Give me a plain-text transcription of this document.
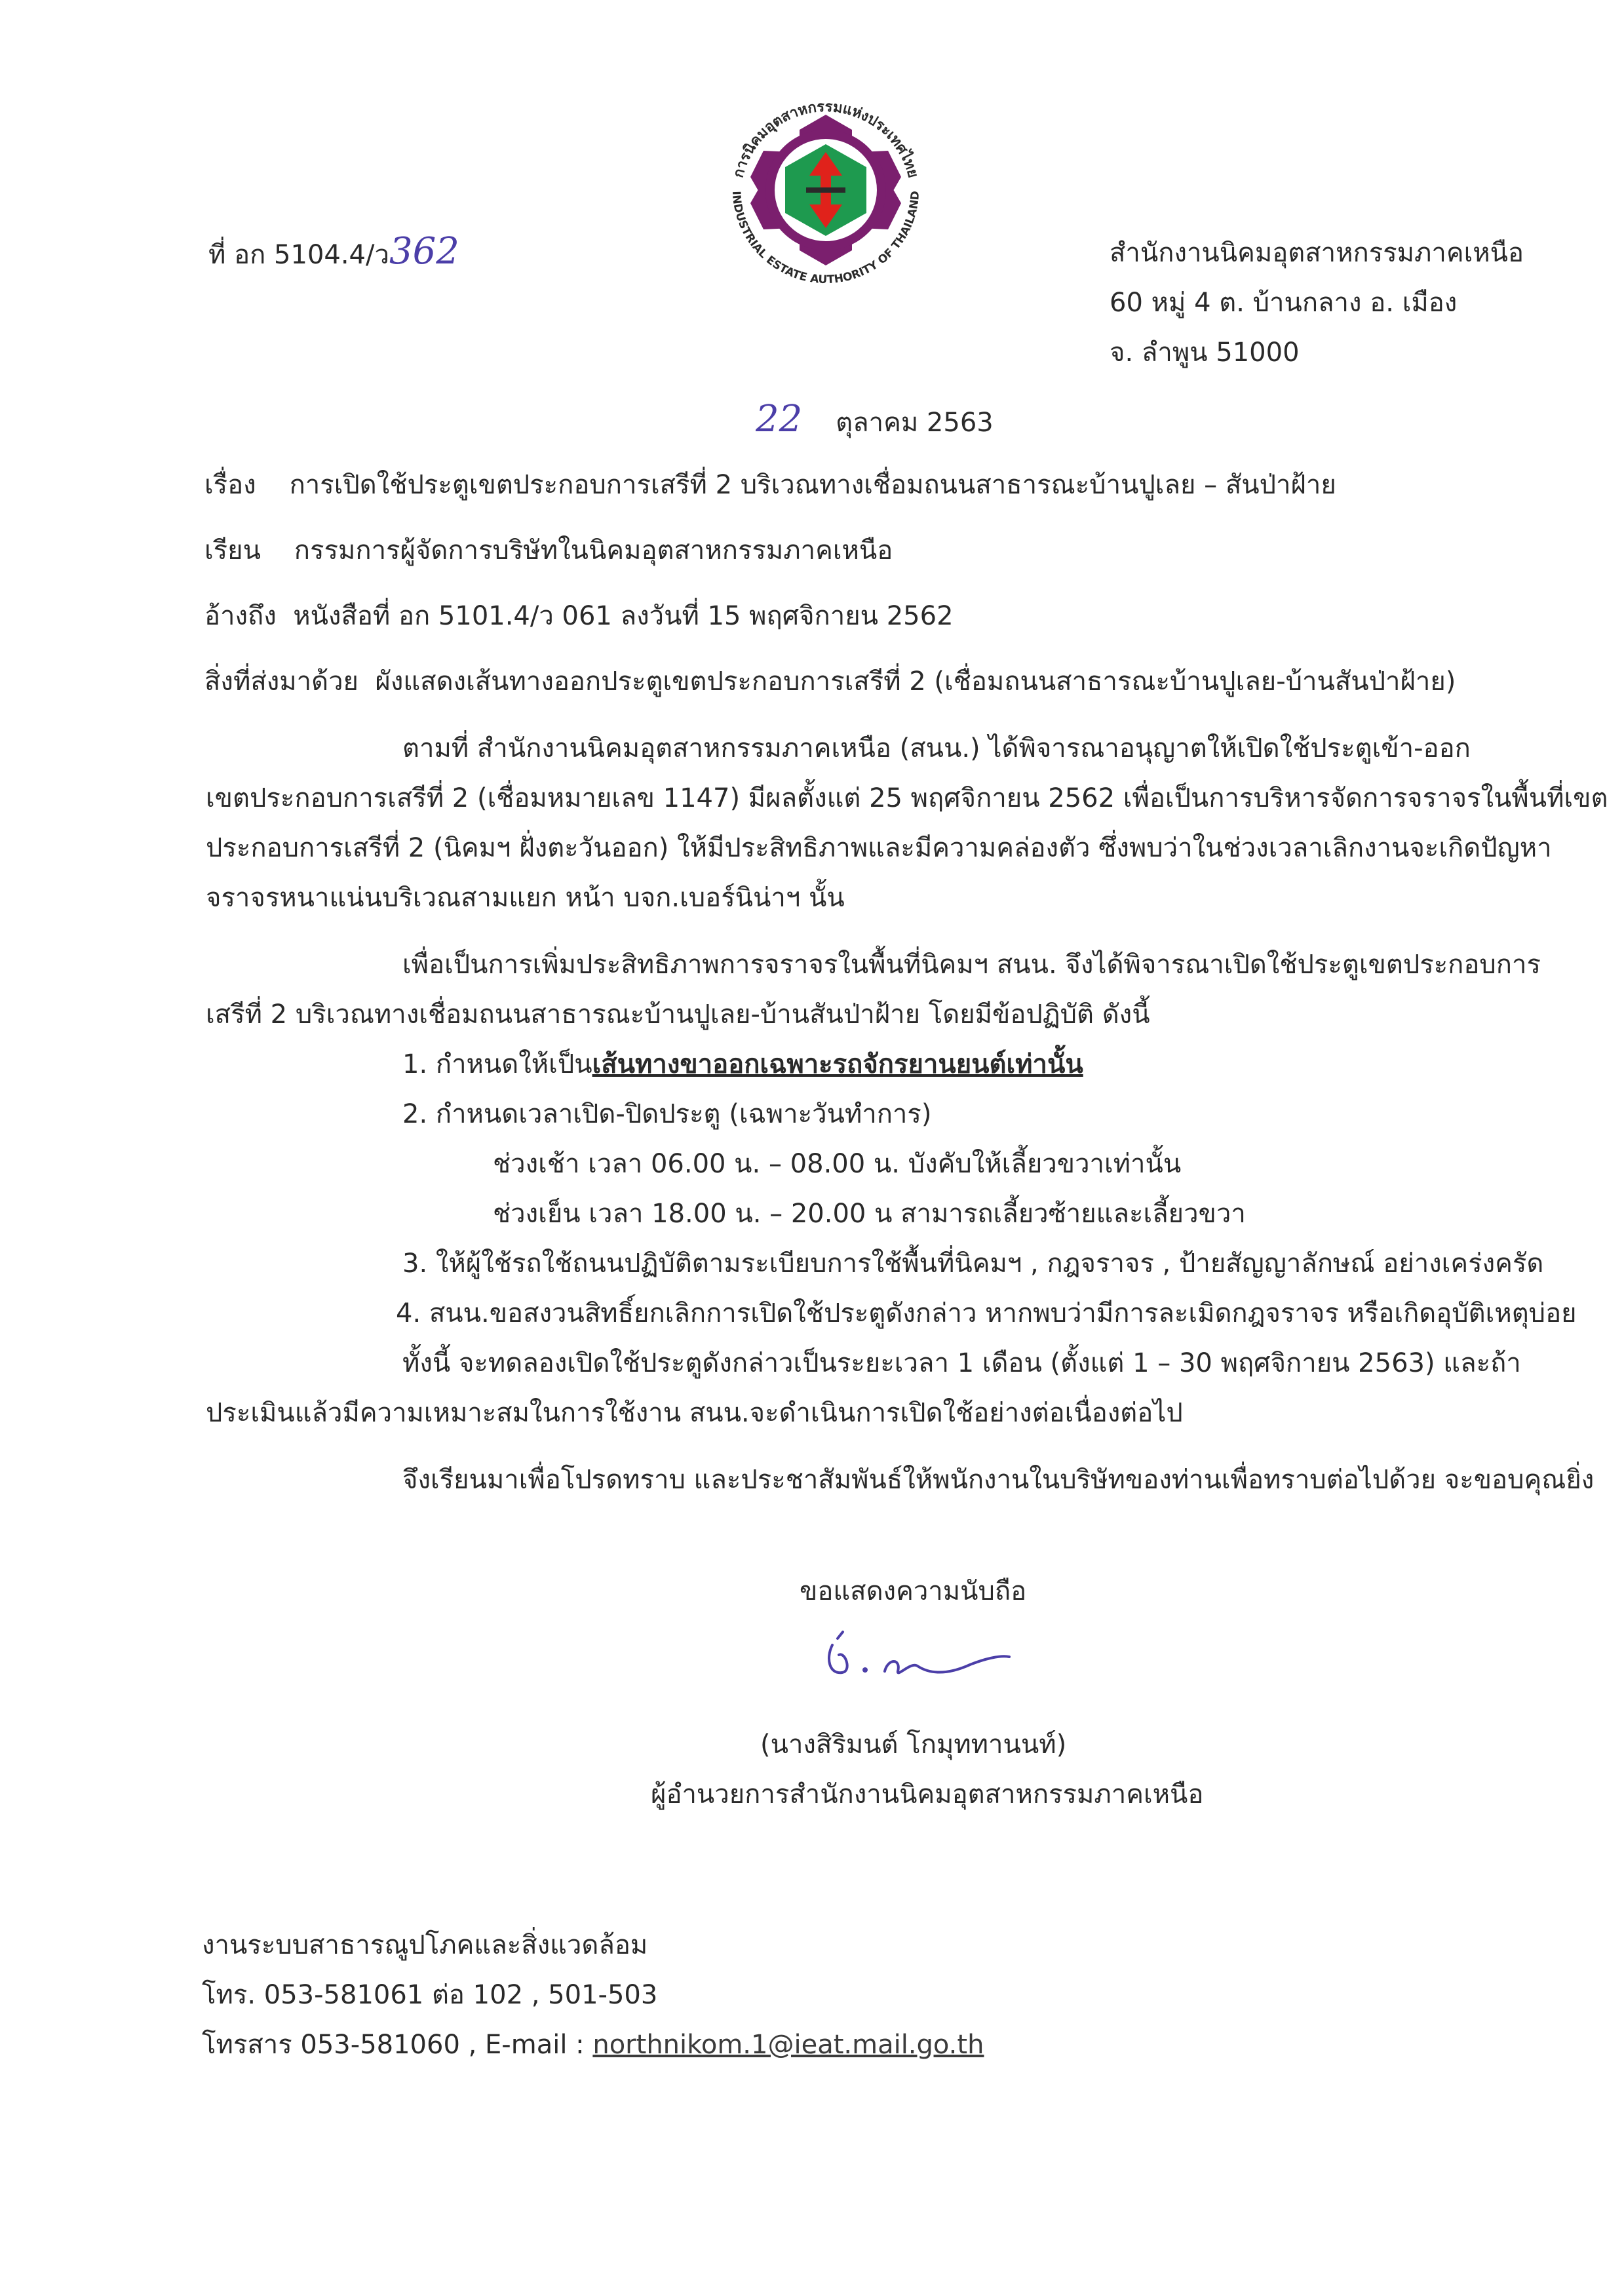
การนิคมอุตสาหกรรมแห่งประเทศไทย
INDUSTRIAL ESTATE AUTHORITY OF THAILAND
ที่ อก 5104.4/ว362	สำนักงานนิคมอุตสาหกรรมภาคเหนือ
60 หมู่ 4 ต. บ้านกลาง อ. เมือง
จ. ลำพูน 51000
22 ตุลาคม 2563
เรื่อง การเปิดใช้ประตูเขตประกอบการเสรีที่ 2 บริเวณทางเชื่อมถนนสาธารณะบ้านปูเลย – สันป่าฝ้าย
เรียน กรรมการผู้จัดการบริษัทในนิคมอุตสาหกรรมภาคเหนือ
อ้างถึง หนังสือที่ อก 5101.4/ว 061 ลงวันที่ 15 พฤศจิกายน 2562
สิ่งที่ส่งมาด้วย ผังแสดงเส้นทางออกประตูเขตประกอบการเสรีที่ 2 (เชื่อมถนนสาธารณะบ้านปูเลย-บ้านสันป่าฝ้าย)
ตามที่ สำนักงานนิคมอุตสาหกรรมภาคเหนือ (สนน.) ได้พิจารณาอนุญาตให้เปิดใช้ประตูเข้า-ออก
เขตประกอบการเสรีที่ 2 (เชื่อมหมายเลข 1147) มีผลตั้งแต่ 25 พฤศจิกายน 2562 เพื่อเป็นการบริหารจัดการจราจรในพื้นที่เขต
ประกอบการเสรีที่ 2 (นิคมฯ ฝั่งตะวันออก) ให้มีประสิทธิภาพและมีความคล่องตัว ซึ่งพบว่าในช่วงเวลาเลิกงานจะเกิดปัญหา
จราจรหนาแน่นบริเวณสามแยก หน้า บจก.เบอร์นิน่าฯ นั้น
เพื่อเป็นการเพิ่มประสิทธิภาพการจราจรในพื้นที่นิคมฯ สนน. จึงได้พิจารณาเปิดใช้ประตูเขตประกอบการ
เสรีที่ 2 บริเวณทางเชื่อมถนนสาธารณะบ้านปูเลย-บ้านสันป่าฝ้าย โดยมีข้อปฏิบัติ ดังนี้
1. กำหนดให้เป็นเส้นทางขาออกเฉพาะรถจักรยานยนต์เท่านั้น
2. กำหนดเวลาเปิด-ปิดประตู (เฉพาะวันทำการ)
ช่วงเช้า เวลา 06.00 น. – 08.00 น. บังคับให้เลี้ยวขวาเท่านั้น
ช่วงเย็น เวลา 18.00 น. – 20.00 น สามารถเลี้ยวซ้ายและเลี้ยวขวา
3. ให้ผู้ใช้รถใช้ถนนปฏิบัติตามระเบียบการใช้พื้นที่นิคมฯ , กฎจราจร , ป้ายสัญญาลักษณ์ อย่างเคร่งครัด
4. สนน.ขอสงวนสิทธิ์ยกเลิกการเปิดใช้ประตูดังกล่าว หากพบว่ามีการละเมิดกฎจราจร หรือเกิดอุบัติเหตุบ่อย
ทั้งนี้ จะทดลองเปิดใช้ประตูดังกล่าวเป็นระยะเวลา 1 เดือน (ตั้งแต่ 1 – 30 พฤศจิกายน 2563) และถ้า
ประเมินแล้วมีความเหมาะสมในการใช้งาน สนน.จะดำเนินการเปิดใช้อย่างต่อเนื่องต่อไป
จึงเรียนมาเพื่อโปรดทราบ และประชาสัมพันธ์ให้พนักงานในบริษัทของท่านเพื่อทราบต่อไปด้วย จะขอบคุณยิ่ง
ขอแสดงความนับถือ
(นางสิริมนต์ โกมุททานนท์)
ผู้อำนวยการสำนักงานนิคมอุตสาหกรรมภาคเหนือ
งานระบบสาธารณูปโภคและสิ่งแวดล้อม
โทร. 053-581061 ต่อ 102 , 501-503
โทรสาร 053-581060 , E-mail : northnikom.1@ieat.mail.go.th
